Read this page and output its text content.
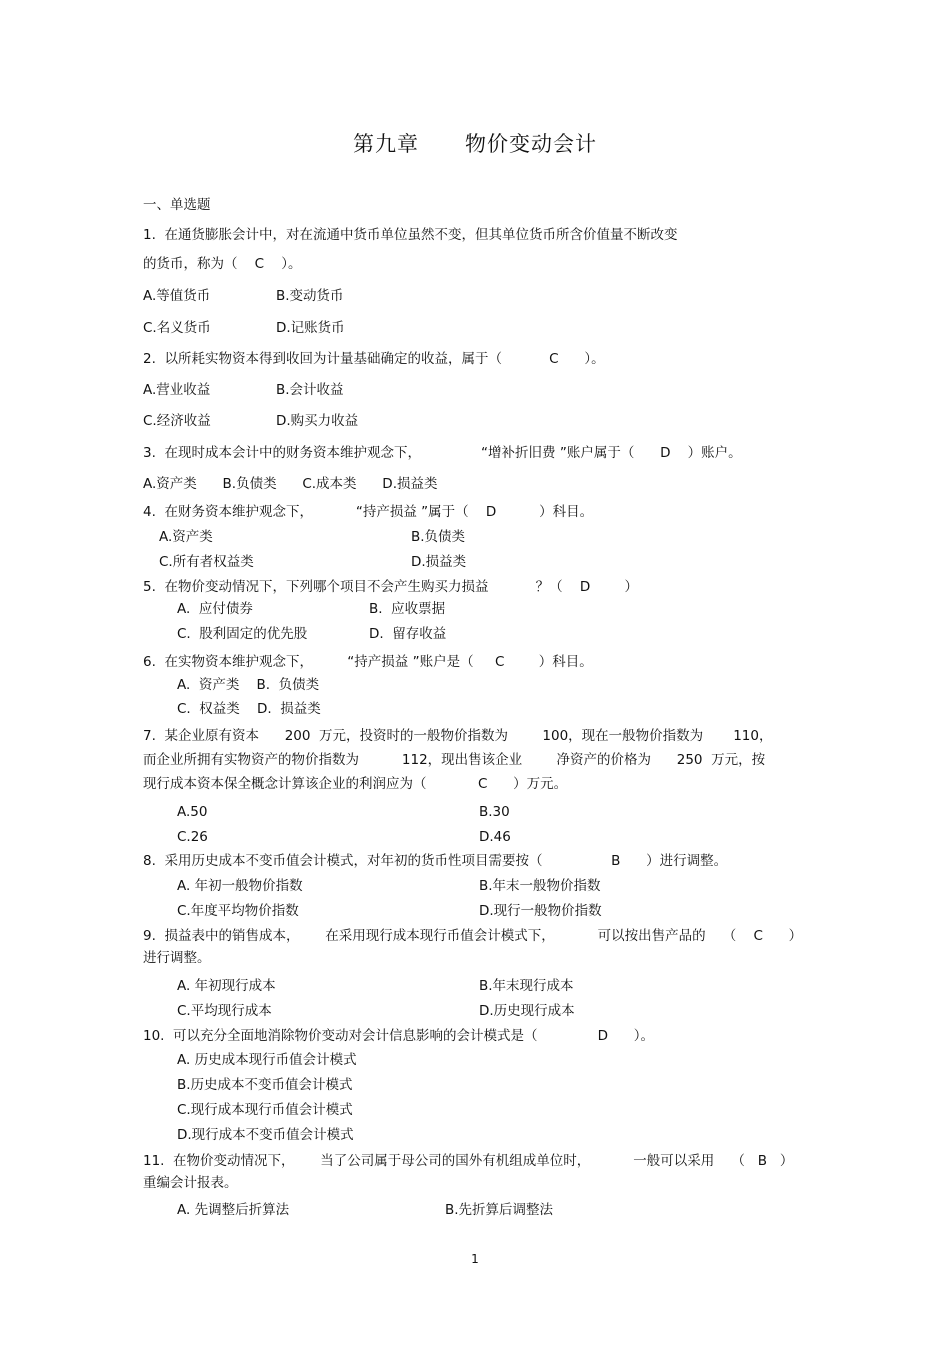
第九章      物价变动会计
一、单选题
1.  在通货膨胀会计中，对在流通中货币单位虽然不变，但其单位货币所含价值量不断改变
的货币，称为（    C    ）。
A.等值货币	B.变动货币
C.名义货币	D.记账货币
2.  以所耗实物资本得到收回为计量基础确定的收益，属于（           C      ）。
A.营业收益	B.会计收益
C.经济收益	D.购买力收益
3.  在现时成本会计中的财务资本维护观念下，              “增补折旧费 ”账户属于（      D    ）账户。
A.资产类      B.负债类      C.成本类      D.损益类
4.  在财务资本维护观念下，          “持产损益 ”属于（    D          ）科目。
A.资产类	B.负债类
C.所有者权益类	D.损益类
5.  在物价变动情况下，下列哪个项目不会产生购买力损益           ？（    D        ）
A.  应付债券	B.  应收票据
C.  股利固定的优先股	D.  留存收益
6.  在实物资本维护观念下，        “持产损益 ”账户是（     C        ）科目。
A.  资产类    B.  负债类
C.  权益类    D.  损益类
7.  某企业原有资本      200  万元，投资时的一般物价指数为        100，现在一般物价指数为       110，
而企业所拥有实物资产的物价指数为          112，现出售该企业        净资产的价格为      250  万元，按
现行成本资本保全概念计算该企业的利润应为（            C      ）万元。
A.50	B.30
C.26	D.46
8.  采用历史成本不变币值会计模式，对年初的货币性项目需要按（                B      ）进行调整。
A. 年初一般物价指数	B.年末一般物价指数
C.年度平均物价指数	D.现行一般物价指数
9.  损益表中的销售成本，      在采用现行成本现行币值会计模式下，          可以按出售产品的    （    C      ）
进行调整。
A. 年初现行成本	B.年末现行成本
C.平均现行成本	D.历史现行成本
10.  可以充分全面地消除物价变动对会计信息影响的会计模式是（              D      ）。
A. 历史成本现行币值会计模式
B.历史成本不变币值会计模式
C.现行成本现行币值会计模式
D.现行成本不变币值会计模式
11.  在物价变动情况下，      当了公司属于母公司的国外有机组成单位时，          一般可以采用    （   B   ）
重编会计报表。
A. 先调整后折算法	B.先折算后调整法
1
